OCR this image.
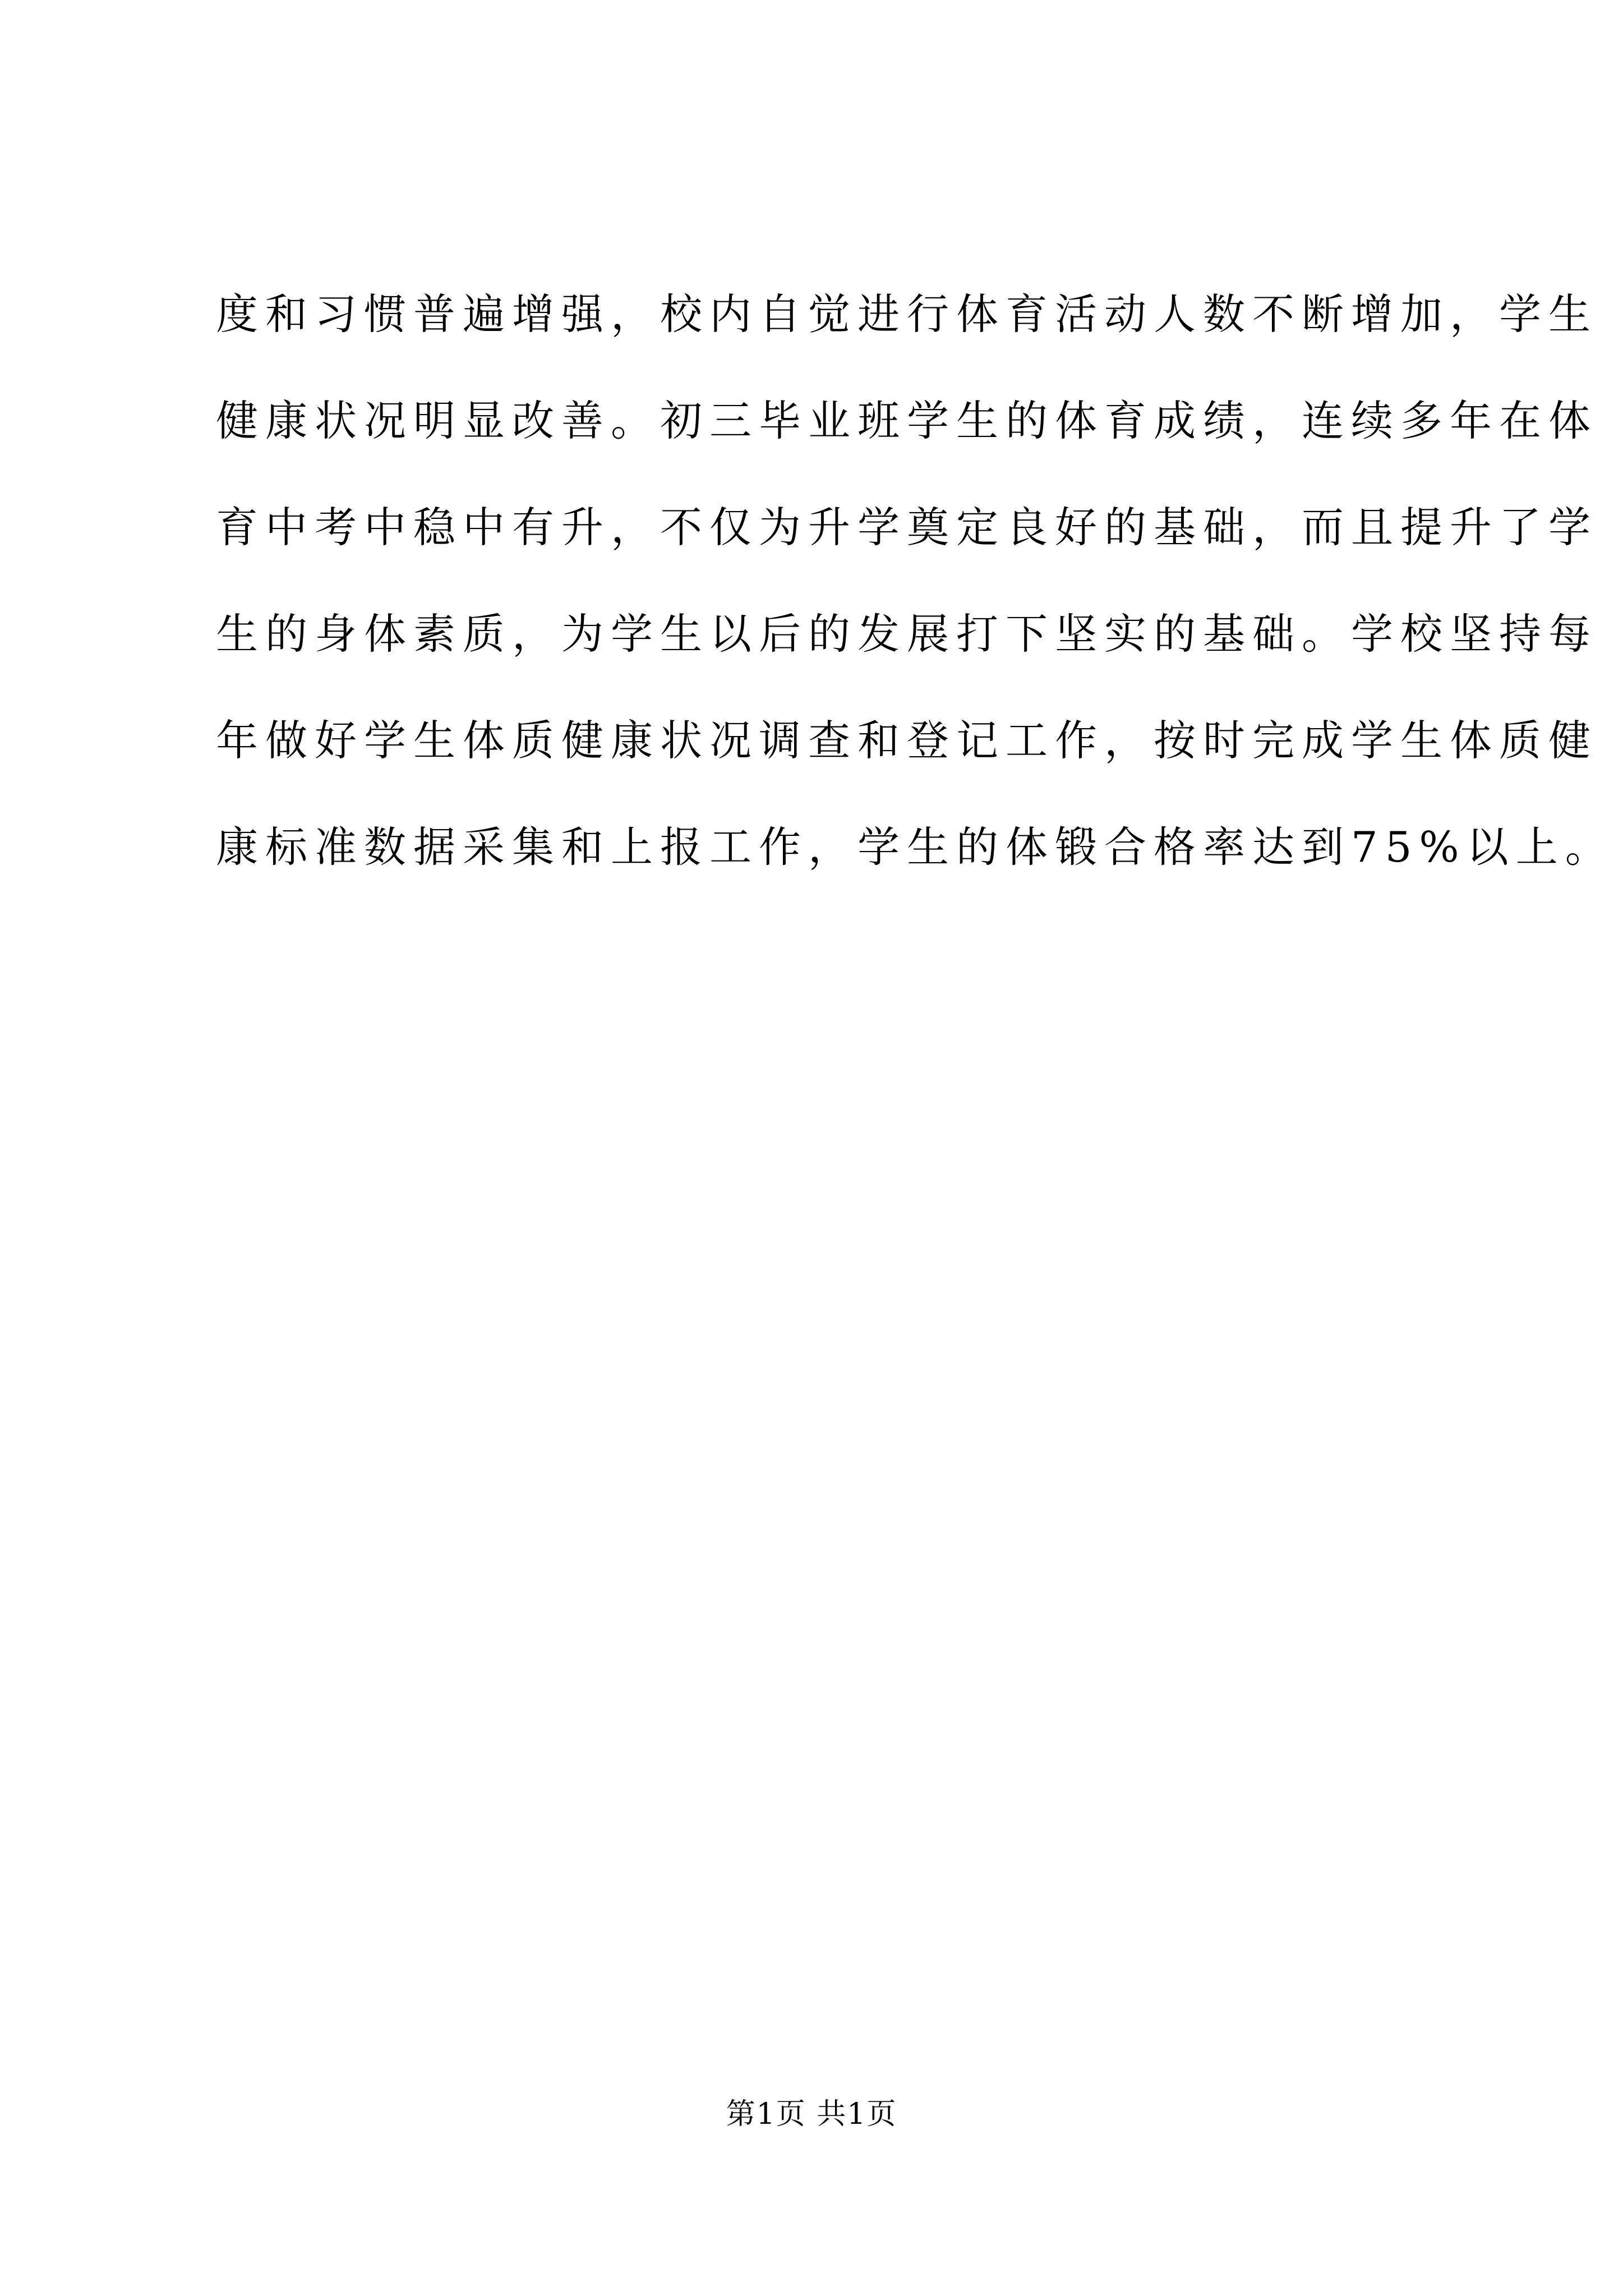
度和习惯普遍增强，校内自觉进行体育活动人数不断增加，学生
健康状况明显改善。初三毕业班学生的体育成绩，连续多年在体
育中考中稳中有升，不仅为升学奠定良好的基础，而且提升了学
生的身体素质，为学生以后的发展打下坚实的基础。学校坚持每
年做好学生体质健康状况调查和登记工作，按时完成学生体质健
康标准数据采集和上报工作，学生的体锻合格率达到75%以上。
第1页 共1页
